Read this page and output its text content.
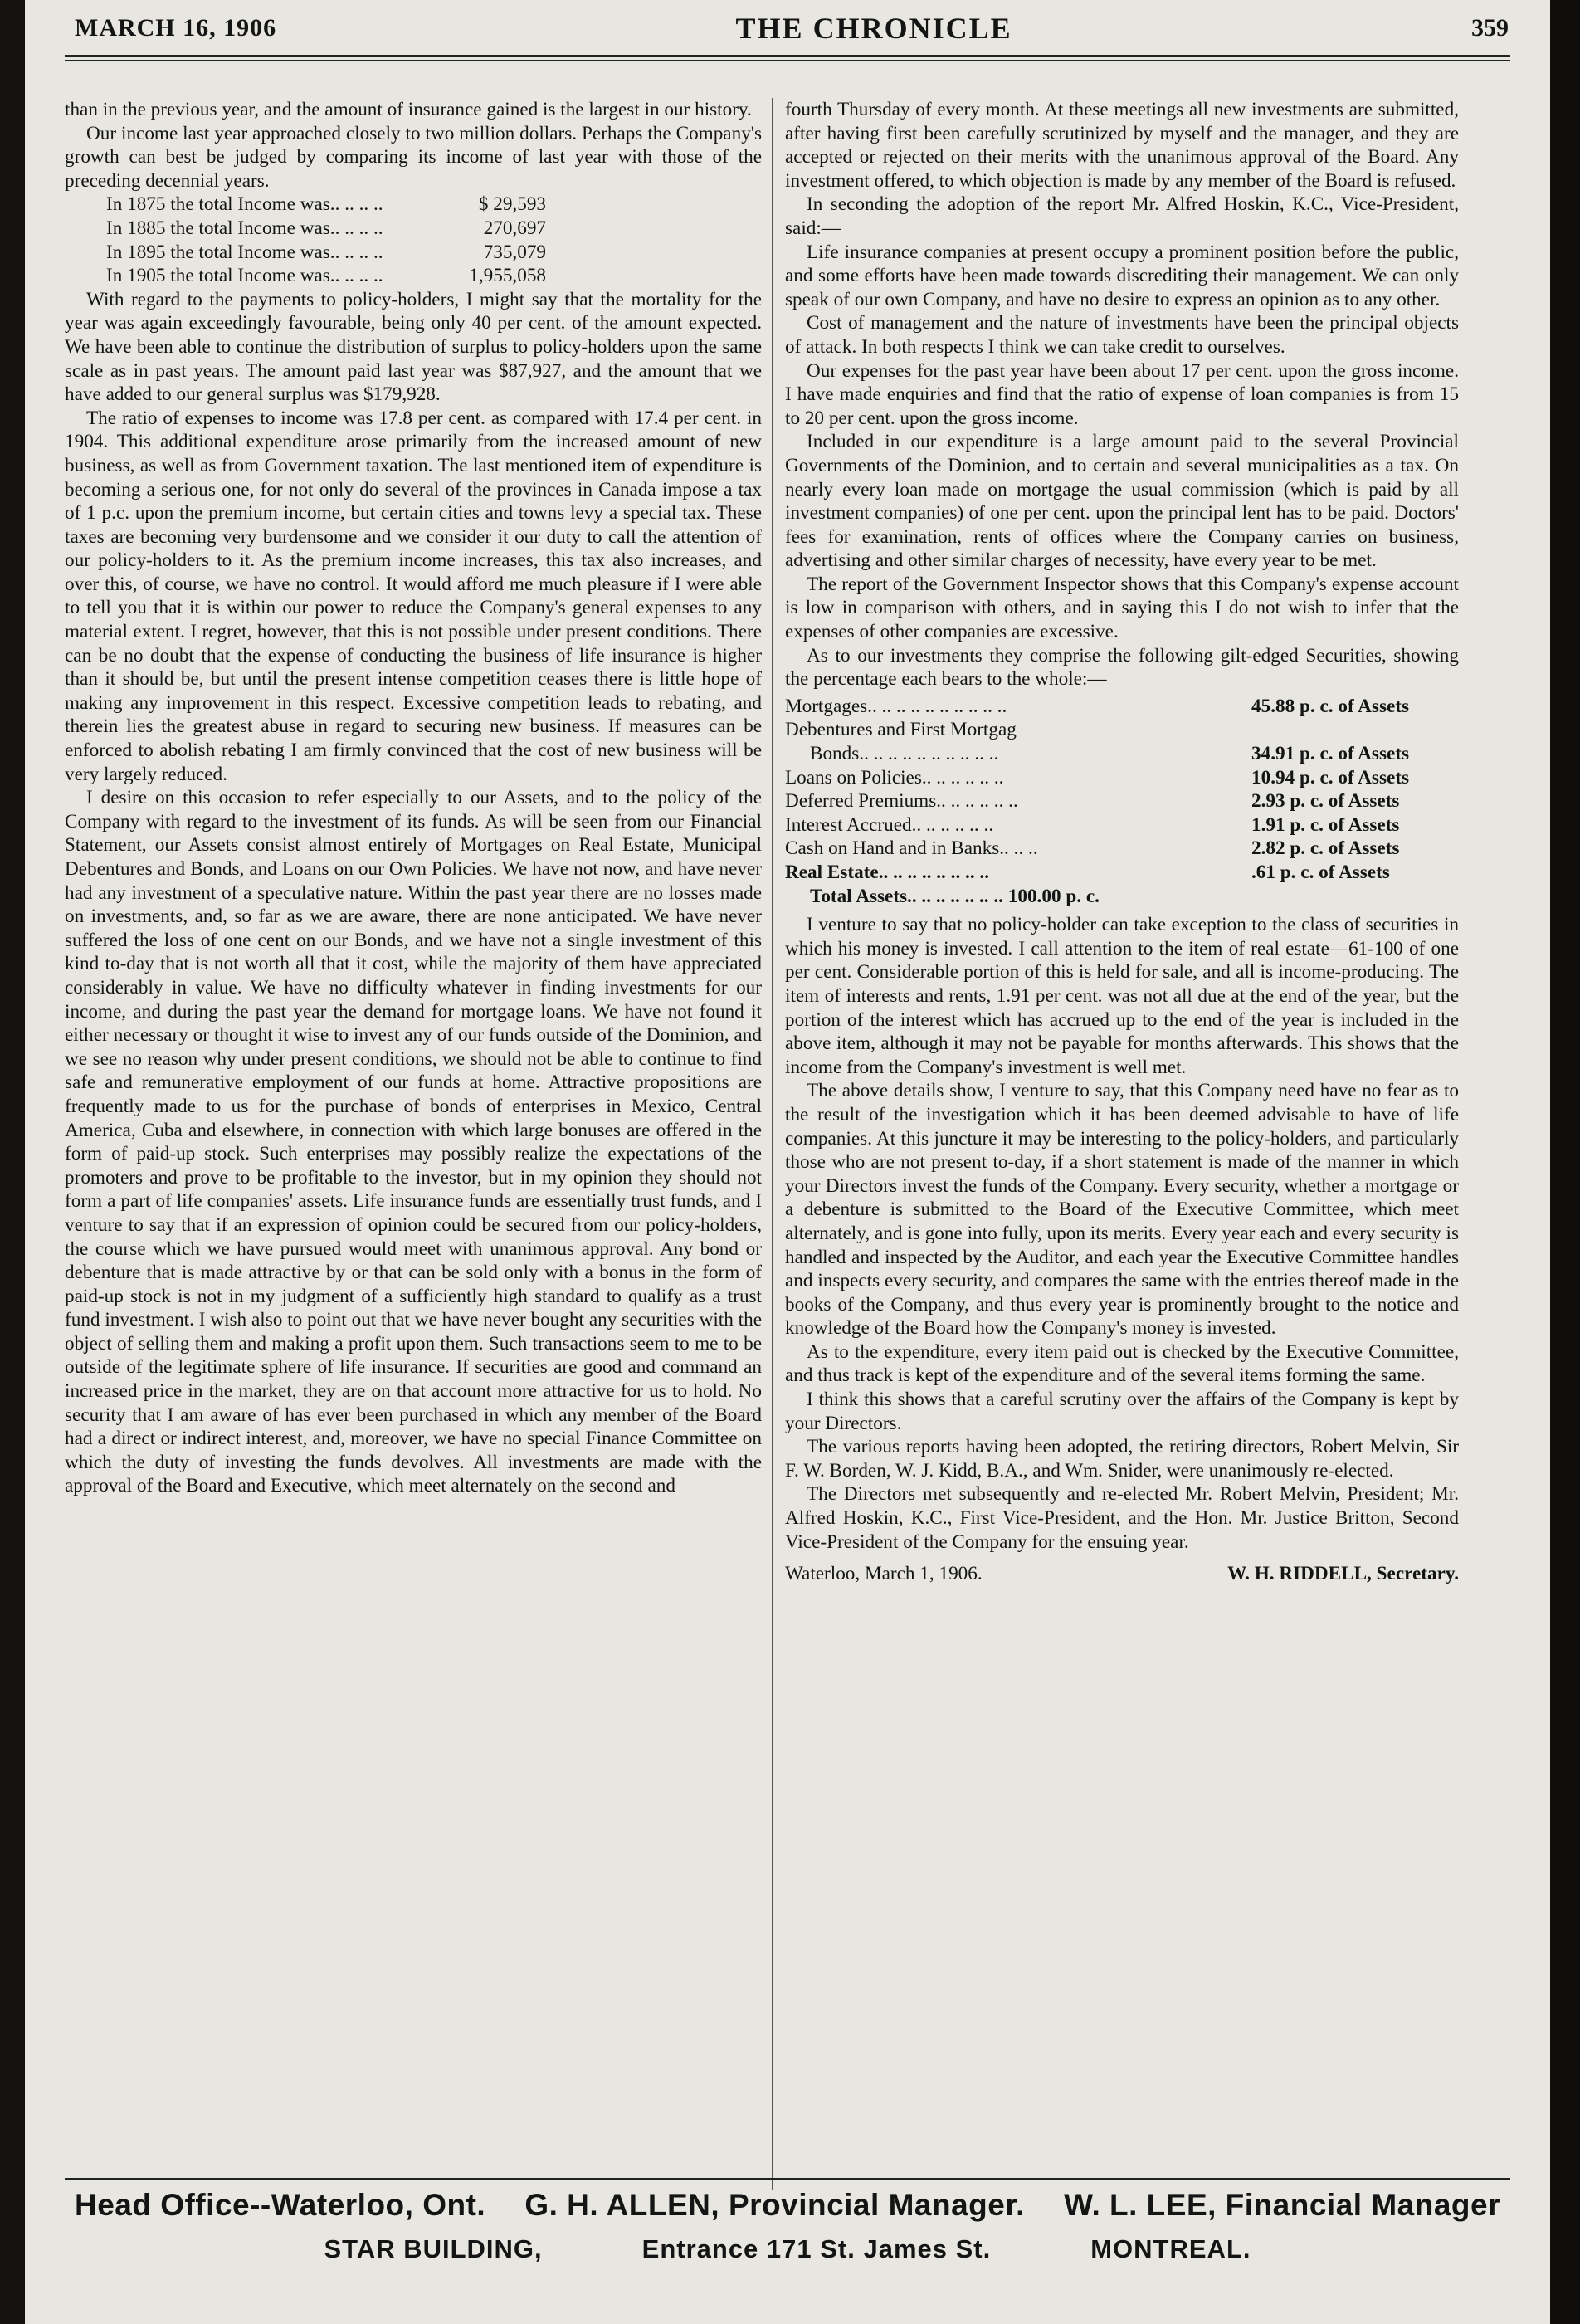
MARCH 16, 1906	THE CHRONICLE	359

than in the previous year, and the amount of insurance gained is the largest in our history.

Our income last year approached closely to two million dollars. Perhaps the Company's growth can best be judged by comparing its income of last year with those of the preceding decennial years.

In 1875 the total Income was.. .. .. ..	$ 29,593
In 1885 the total Income was.. .. .. ..	270,697
In 1895 the total Income was.. .. .. ..	735,079
In 1905 the total Income was.. .. .. ..	1,955,058

With regard to the payments to policy-holders, I might say that the mortality for the year was again exceedingly favourable, being only 40 per cent. of the amount expected. We have been able to continue the distribution of surplus to policy-holders upon the same scale as in past years. The amount paid last year was $87,927, and the amount that we have added to our general surplus was $179,928.

The ratio of expenses to income was 17.8 per cent. as compared with 17.4 per cent. in 1904. This additional expenditure arose primarily from the increased amount of new business, as well as from Government taxation. The last mentioned item of expenditure is becoming a serious one, for not only do several of the provinces in Canada impose a tax of 1 p.c. upon the premium income, but certain cities and towns levy a special tax. These taxes are becoming very burdensome and we consider it our duty to call the attention of our policy-holders to it. As the premium income increases, this tax also increases, and over this, of course, we have no control. It would afford me much pleasure if I were able to tell you that it is within our power to reduce the Company's general expenses to any material extent. I regret, however, that this is not possible under present conditions. There can be no doubt that the expense of conducting the business of life insurance is higher than it should be, but until the present intense competition ceases there is little hope of making any improvement in this respect. Excessive competition leads to rebating, and therein lies the greatest abuse in regard to securing new business. If measures can be enforced to abolish rebating I am firmly convinced that the cost of new business will be very largely reduced.

I desire on this occasion to refer especially to our Assets, and to the policy of the Company with regard to the investment of its funds. As will be seen from our Financial Statement, our Assets consist almost entirely of Mortgages on Real Estate, Municipal Debentures and Bonds, and Loans on our Own Policies. We have not now, and have never had any investment of a speculative nature. Within the past year there are no losses made on investments, and, so far as we are aware, there are none anticipated. We have never suffered the loss of one cent on our Bonds, and we have not a single investment of this kind to-day that is not worth all that it cost, while the majority of them have appreciated considerably in value. We have no difficulty whatever in finding investments for our income, and during the past year the demand for mortgage loans. We have not found it either necessary or thought it wise to invest any of our funds outside of the Dominion, and we see no reason why under present conditions, we should not be able to continue to find safe and remunerative employment of our funds at home. Attractive propositions are frequently made to us for the purchase of bonds of enterprises in Mexico, Central America, Cuba and elsewhere, in connection with which large bonuses are offered in the form of paid-up stock. Such enterprises may possibly realize the expectations of the promoters and prove to be profitable to the investor, but in my opinion they should not form a part of life companies' assets. Life insurance funds are essentially trust funds, and I venture to say that if an expression of opinion could be secured from our policy-holders, the course which we have pursued would meet with unanimous approval. Any bond or debenture that is made attractive by or that can be sold only with a bonus in the form of paid-up stock is not in my judgment of a sufficiently high standard to qualify as a trust fund investment. I wish also to point out that we have never bought any securities with the object of selling them and making a profit upon them. Such transactions seem to me to be outside of the legitimate sphere of life insurance. If securities are good and command an increased price in the market, they are on that account more attractive for us to hold. No security that I am aware of has ever been purchased in which any member of the Board had a direct or indirect interest, and, moreover, we have no special Finance Committee on which the duty of investing the funds devolves. All investments are made with the approval of the Board and Executive, which meet alternately on the second and

fourth Thursday of every month. At these meetings all new investments are submitted, after having first been carefully scrutinized by myself and the manager, and they are accepted or rejected on their merits with the unanimous approval of the Board. Any investment offered, to which objection is made by any member of the Board is refused.

In seconding the adoption of the report Mr. Alfred Hoskin, K.C., Vice-President, said:—

Life insurance companies at present occupy a prominent position before the public, and some efforts have been made towards discrediting their management. We can only speak of our own Company, and have no desire to express an opinion as to any other.

Cost of management and the nature of investments have been the principal objects of attack. In both respects I think we can take credit to ourselves.

Our expenses for the past year have been about 17 per cent. upon the gross income. I have made enquiries and find that the ratio of expense of loan companies is from 15 to 20 per cent. upon the gross income.

Included in our expenditure is a large amount paid to the several Provincial Governments of the Dominion, and to certain and several municipalities as a tax. On nearly every loan made on mortgage the usual commission (which is paid by all investment companies) of one per cent. upon the principal lent has to be paid. Doctors' fees for examination, rents of offices where the Company carries on business, advertising and other similar charges of necessity, have every year to be met.

The report of the Government Inspector shows that this Company's expense account is low in comparison with others, and in saying this I do not wish to infer that the expenses of other companies are excessive.

As to our investments they comprise the following gilt-edged Securities, showing the percentage each bears to the whole:—

Mortgages.. .. .. .. .. .. .. .. .. ..	45.88 p. c. of Assets
Debentures and First Mortgag
Bonds.. .. .. .. .. .. .. .. .. ..	34.91 p. c. of Assets
Loans on Policies.. .. .. .. .. ..	10.94 p. c. of Assets
Deferred Premiums.. .. .. .. .. ..	2.93 p. c. of Assets
Interest Accrued.. .. .. .. .. ..	1.91 p. c. of Assets
Cash on Hand and in Banks.. .. ..	2.82 p. c. of Assets
Real Estate.. .. .. .. .. .. .. ..	.61 p. c. of Assets
Total Assets.. .. .. .. .. .. .. 100.00 p. c.

I venture to say that no policy-holder can take exception to the class of securities in which his money is invested. I call attention to the item of real estate—61-100 of one per cent. Considerable portion of this is held for sale, and all is income-producing. The item of interests and rents, 1.91 per cent. was not all due at the end of the year, but the portion of the interest which has accrued up to the end of the year is included in the above item, although it may not be payable for months afterwards. This shows that the income from the Company's investment is well met.

The above details show, I venture to say, that this Company need have no fear as to the result of the investigation which it has been deemed advisable to have of life companies. At this juncture it may be interesting to the policy-holders, and particularly those who are not present to-day, if a short statement is made of the manner in which your Directors invest the funds of the Company. Every security, whether a mortgage or a debenture is submitted to the Board of the Executive Committee, which meet alternately, and is gone into fully, upon its merits. Every year each and every security is handled and inspected by the Auditor, and each year the Executive Committee handles and inspects every security, and compares the same with the entries thereof made in the books of the Company, and thus every year is prominently brought to the notice and knowledge of the Board how the Company's money is invested.

As to the expenditure, every item paid out is checked by the Executive Committee, and thus track is kept of the expenditure and of the several items forming the same.

I think this shows that a careful scrutiny over the affairs of the Company is kept by your Directors.

The various reports having been adopted, the retiring directors, Robert Melvin, Sir F. W. Borden, W. J. Kidd, B.A., and Wm. Snider, were unanimously re-elected.

The Directors met subsequently and re-elected Mr. Robert Melvin, President; Mr. Alfred Hoskin, K.C., First Vice-President, and the Hon. Mr. Justice Britton, Second Vice-President of the Company for the ensuing year.

Waterloo, March 1, 1906.	W. H. RIDDELL, Secretary.
Head Office--Waterloo, Ont. G. H. ALLEN, Provincial Manager. W. L. LEE, Financial Manager
STAR BUILDING,	Entrance 171 St. James St.	MONTREAL.
